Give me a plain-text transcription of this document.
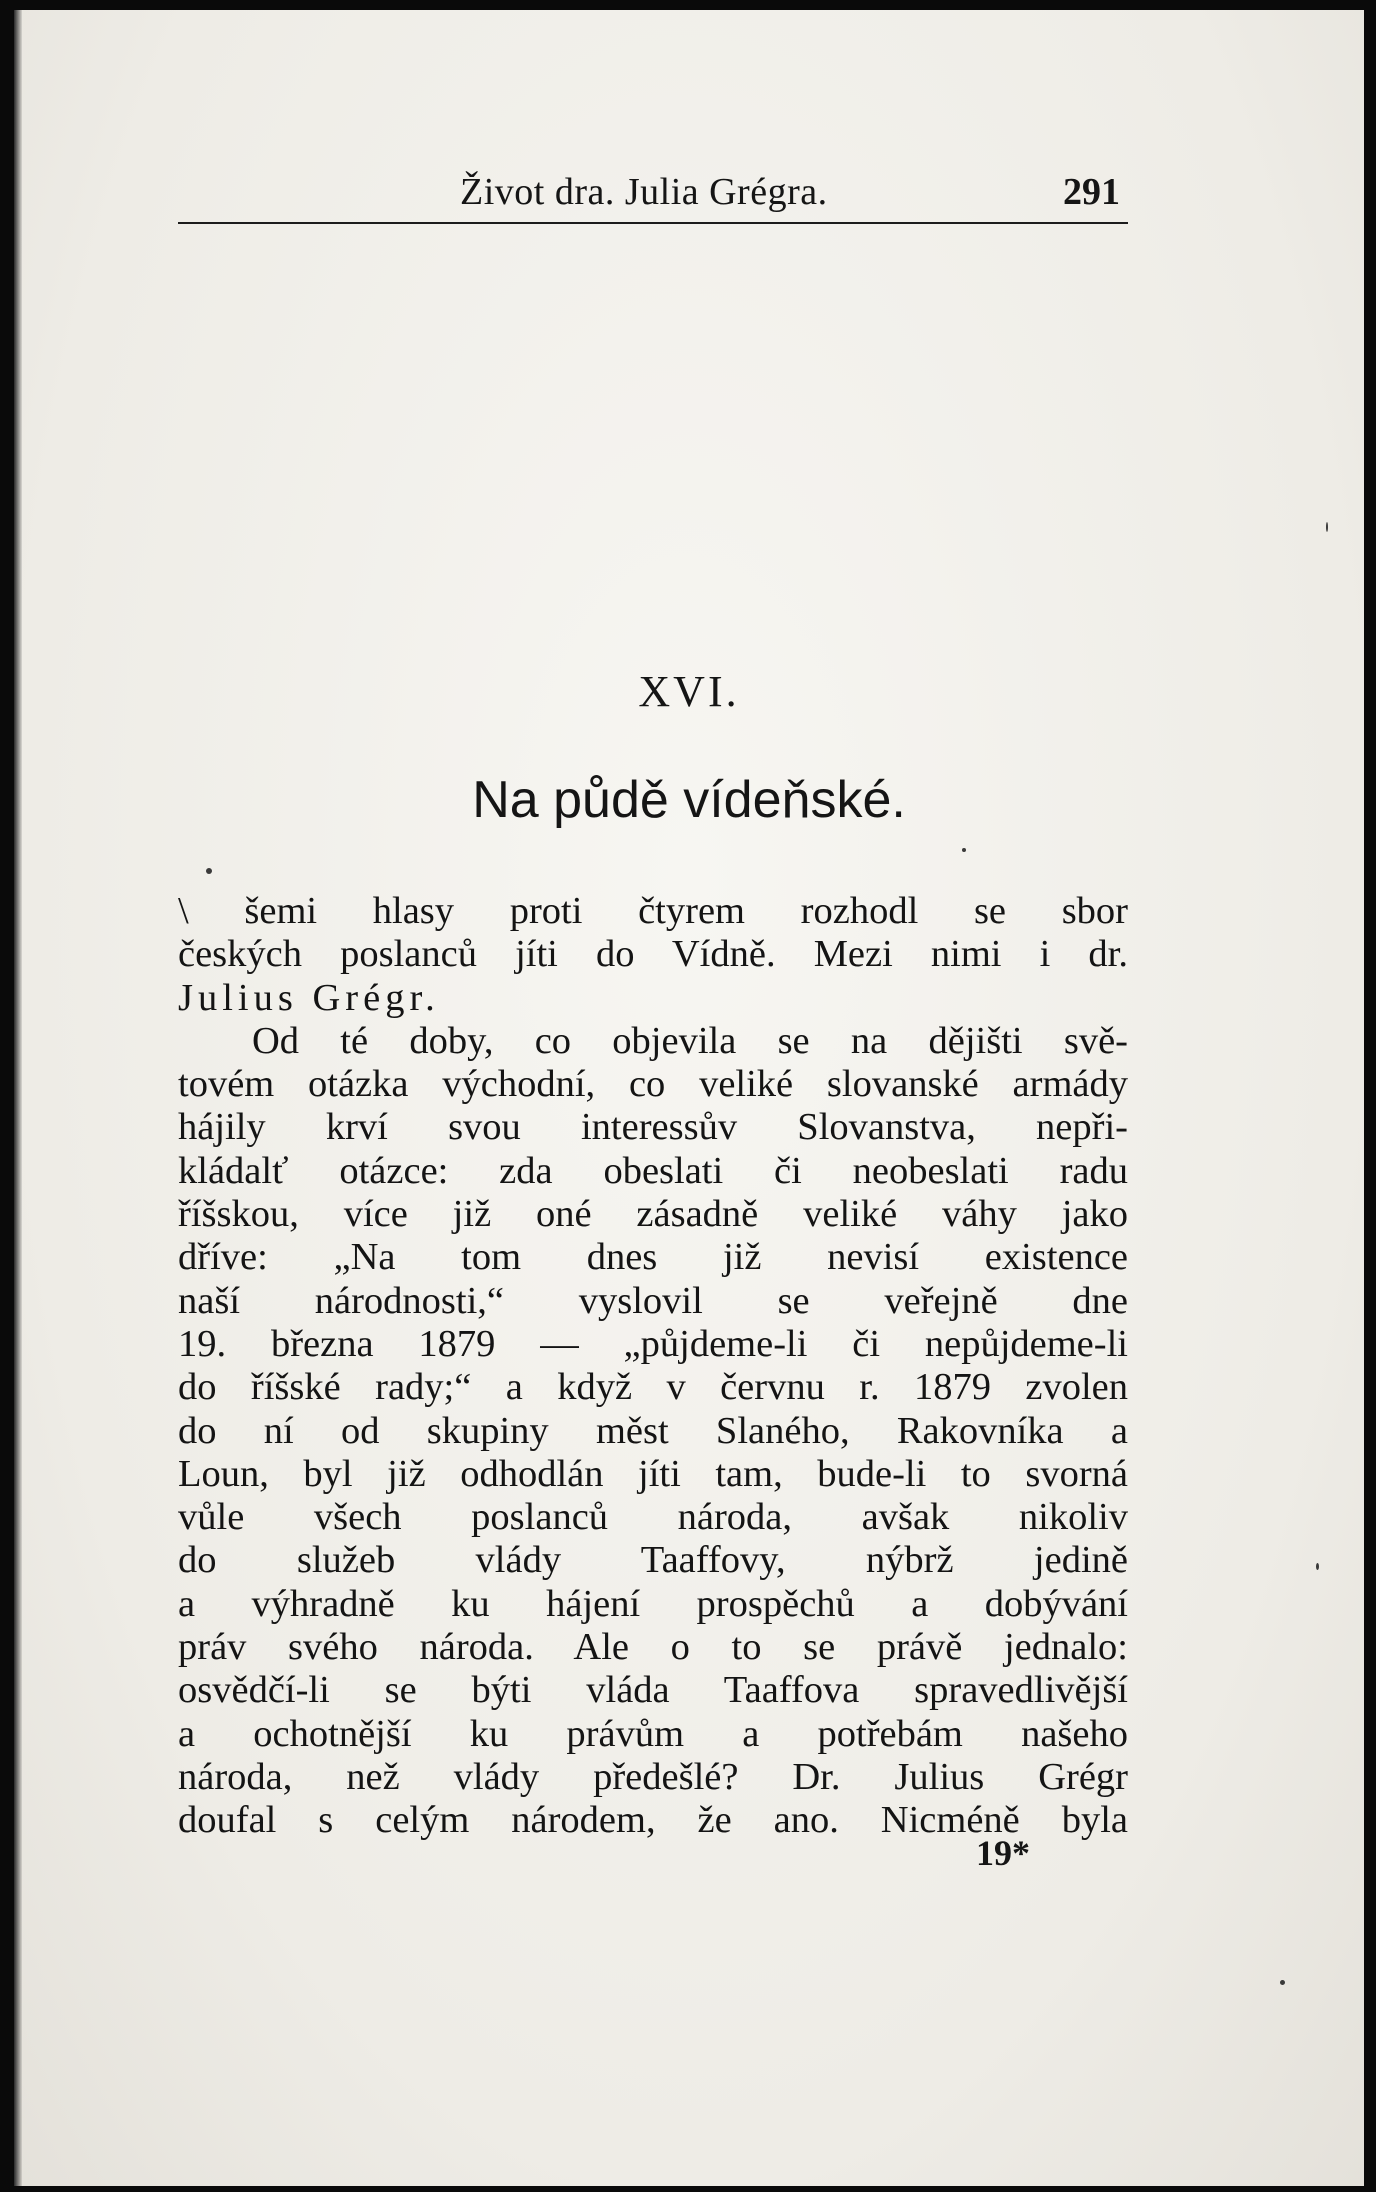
Život dra. Julia Grégra.	291
XVI.
Na půdě vídeňské.
\ šemi hlasy proti čtyrem rozhodl se sbor
českých poslanců jíti do Vídně. Mezi nimi i dr.
Julius Grégr.
Od té doby, co objevila se na dějišti svě-
tovém otázka východní, co veliké slovanské armády
hájily krví svou interessův Slovanstva, nepři-
kládalť otázce: zda obeslati či neobeslati radu
říšskou, více již oné zásadně veliké váhy jako
dříve: „Na tom dnes již nevisí existence
naší národnosti,“ vyslovil se veřejně dne
19. března 1879 — „půjdeme-li či nepůjdeme-li
do říšské rady;“ a když v červnu r. 1879 zvolen
do ní od skupiny měst Slaného, Rakovníka a
Loun, byl již odhodlán jíti tam, bude-li to svorná
vůle všech poslanců národa, avšak nikoliv
do služeb vlády Taaffovy, nýbrž jedině
a výhradně ku hájení prospěchů a dobývání
práv svého národa. Ale o to se právě jednalo:
osvědčí-li se býti vláda Taaffova spravedlivější
a ochotnější ku právům a potřebám našeho
národa, než vlády předešlé? Dr. Julius Grégr
doufal s celým národem, že ano. Nicméně byla
19*
